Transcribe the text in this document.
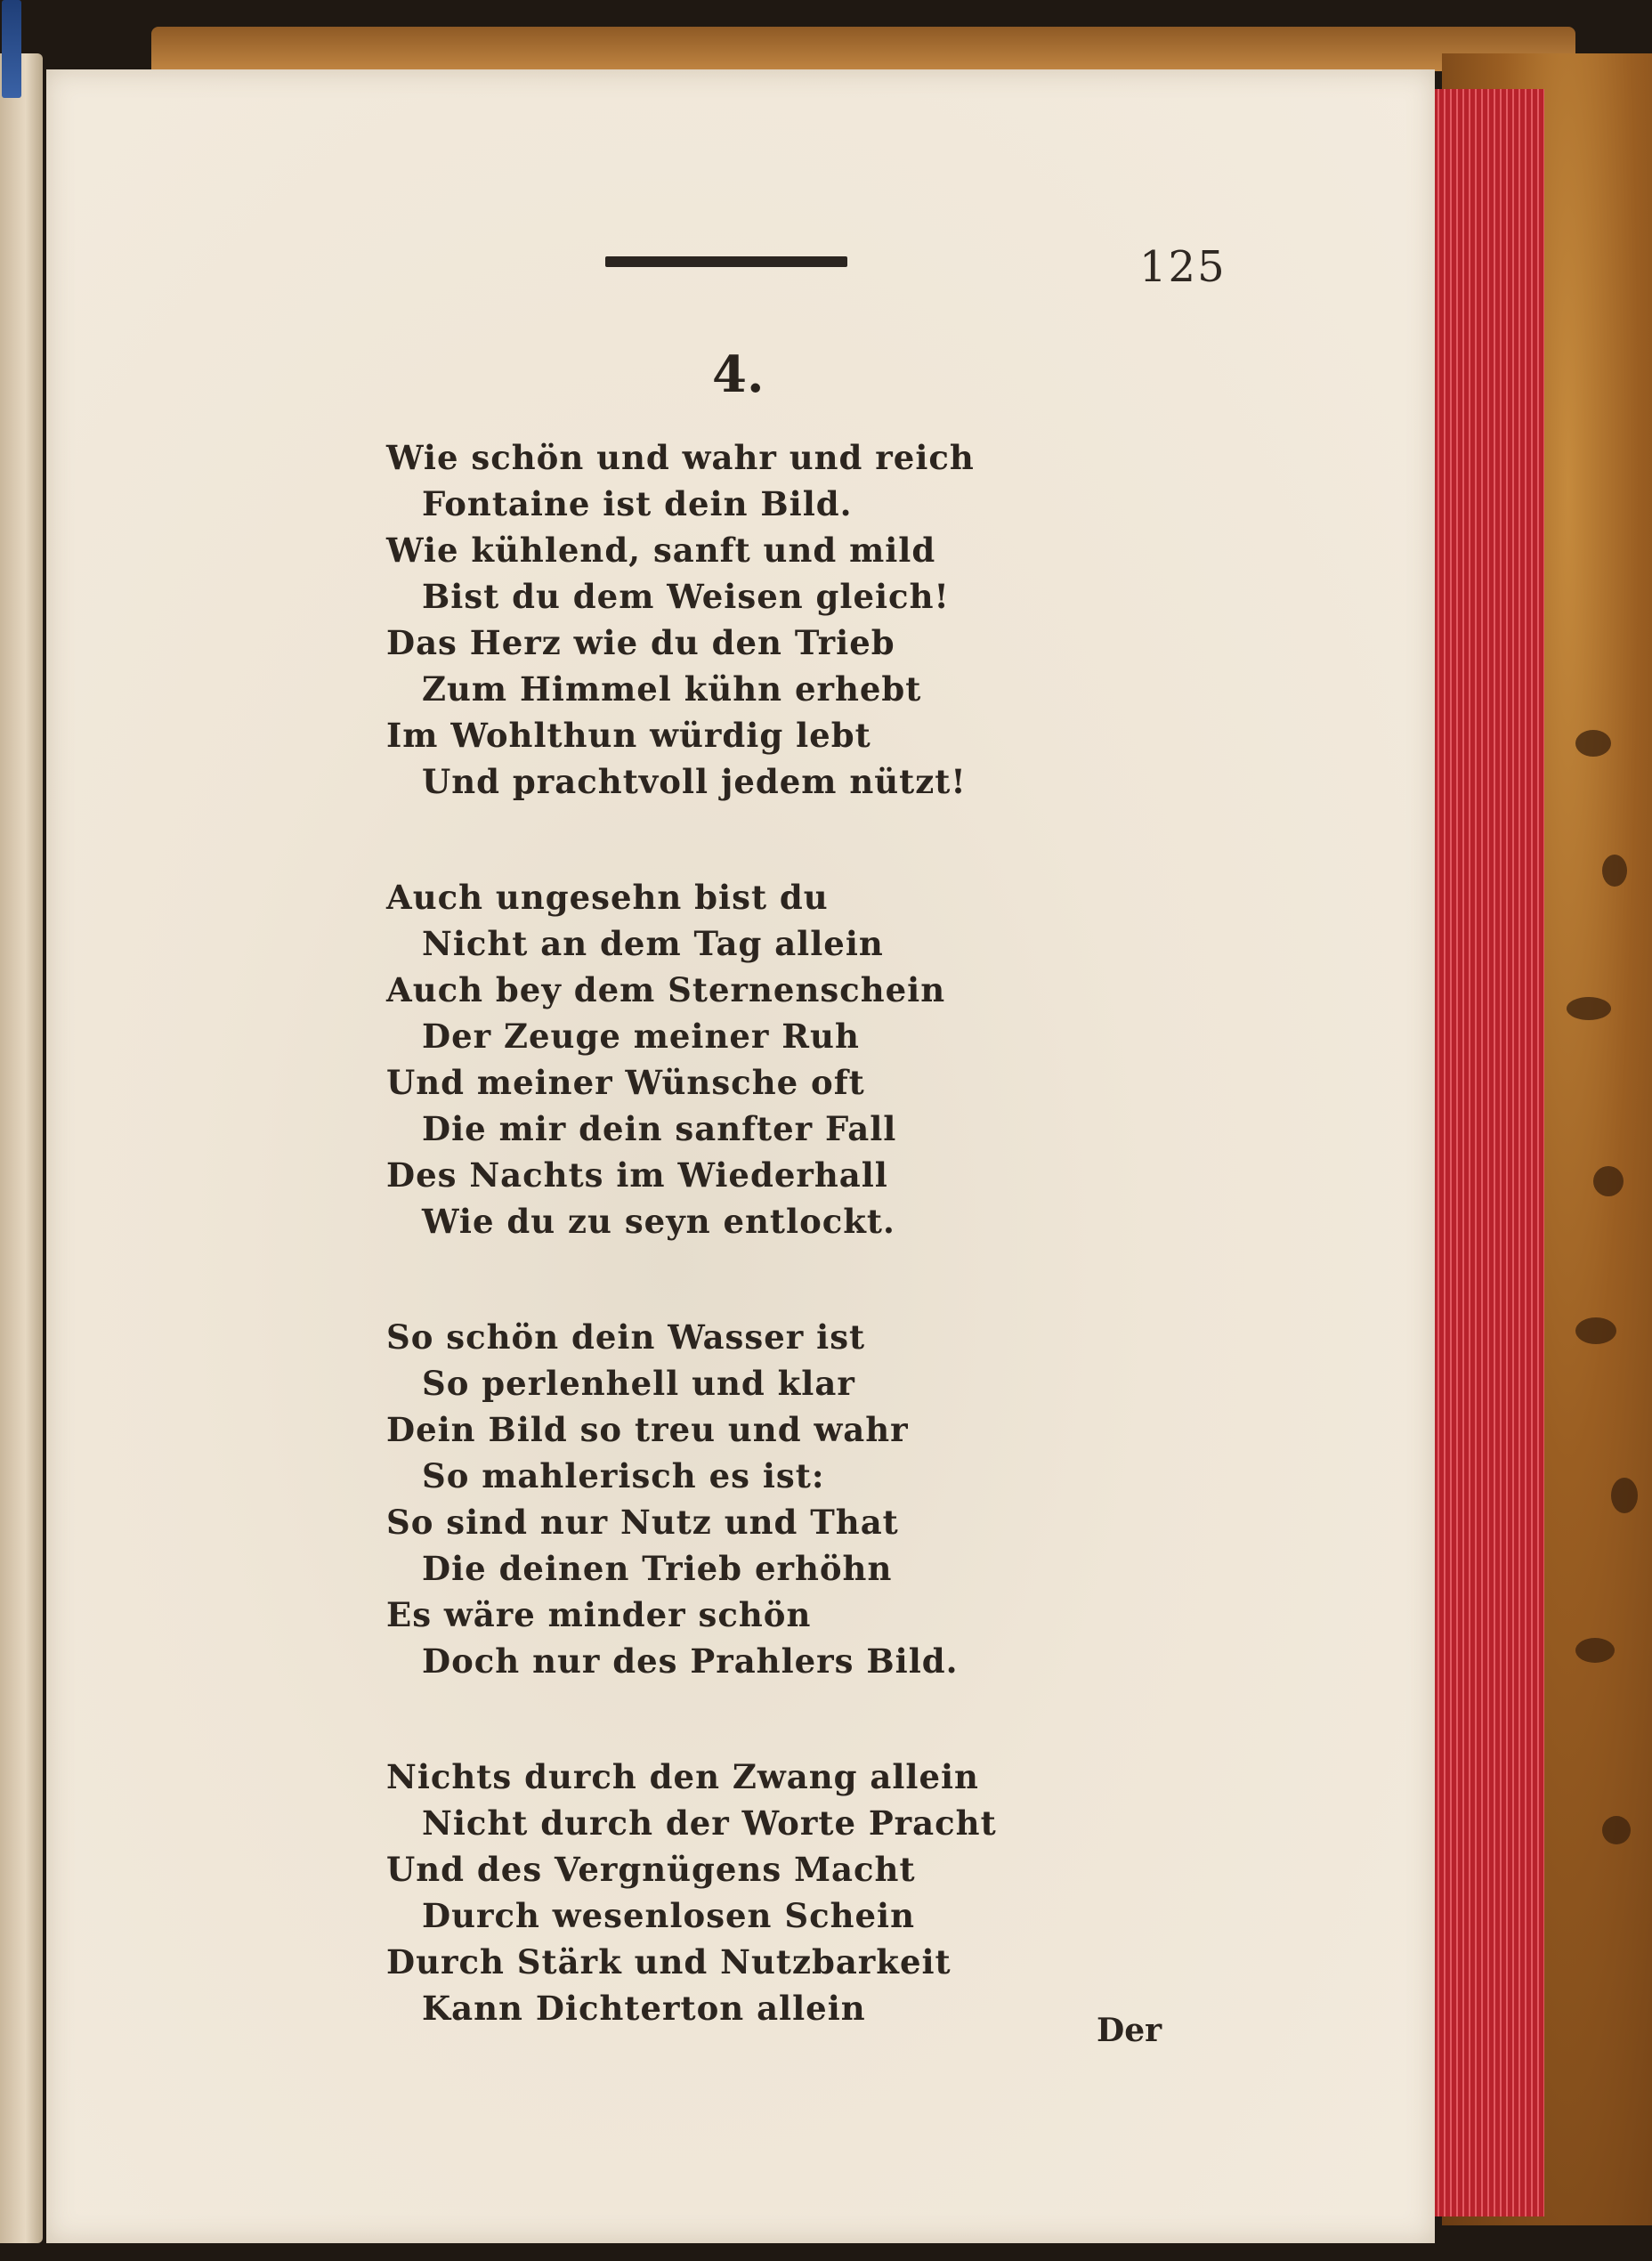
125
4.
Wie schön und wahr und reich
Fontaine ist dein Bild.
Wie kühlend, sanft und mild
Bist du dem Weisen gleich!
Das Herz wie du den Trieb
Zum Himmel kühn erhebt
Im Wohlthun würdig lebt
Und prachtvoll jedem nützt!
Auch ungesehn bist du
Nicht an dem Tag allein
Auch bey dem Sternenschein
Der Zeuge meiner Ruh
Und meiner Wünsche oft
Die mir dein sanfter Fall
Des Nachts im Wiederhall
Wie du zu seyn entlockt.
So schön dein Wasser ist
So perlenhell und klar
Dein Bild so treu und wahr
So mahlerisch es ist:
So sind nur Nutz und That
Die deinen Trieb erhöhn
Es wäre minder schön
Doch nur des Prahlers Bild.
Nichts durch den Zwang allein
Nicht durch der Worte Pracht
Und des Vergnügens Macht
Durch wesenlosen Schein
Durch Stärk und Nutzbarkeit
Kann Dichterton allein
Der
